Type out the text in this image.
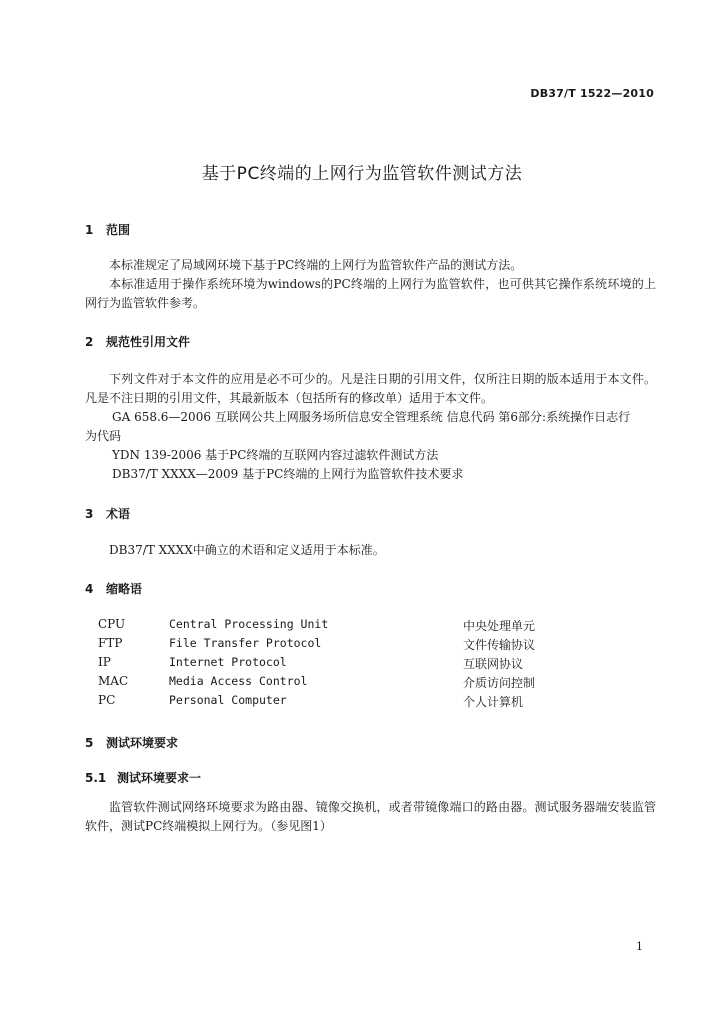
DB37/T 1522—2010
基于PC终端的上网行为监管软件测试方法
1 范围

本标准规定了局域网环境下基于PC终端的上网行为监管软件产品的测试方法。

本标准适用于操作系统环境为windows的PC终端的上网行为监管软件，也可供其它操作系统环境的上网行为监管软件参考。

2 规范性引用文件

下列文件对于本文件的应用是必不可少的。凡是注日期的引用文件，仅所注日期的版本适用于本文件。凡是不注日期的引用文件，其最新版本（包括所有的修改单）适用于本文件。

GA 658.6—2006 互联网公共上网服务场所信息安全管理系统 信息代码 第6部分:系统操作日志行
为代码
YDN 139-2006 基于PC终端的互联网内容过滤软件测试方法
DB37/T XXXX—2009 基于PC终端的上网行为监管软件技术要求
3 术语

DB37/T XXXX中确立的术语和定义适用于本标准。

4 缩略语
CPU	Central Processing Unit	中央处理单元
FTP	File Transfer Protocol	文件传输协议
IP	Internet Protocol	互联网协议
MAC	Media Access Control	介质访问控制
PC	Personal Computer	个人计算机
5 测试环境要求
5.1 测试环境要求一

监管软件测试网络环境要求为路由器、镜像交换机，或者带镜像端口的路由器。测试服务器端安装监管软件，测试PC终端模拟上网行为。（参见图1）

1
